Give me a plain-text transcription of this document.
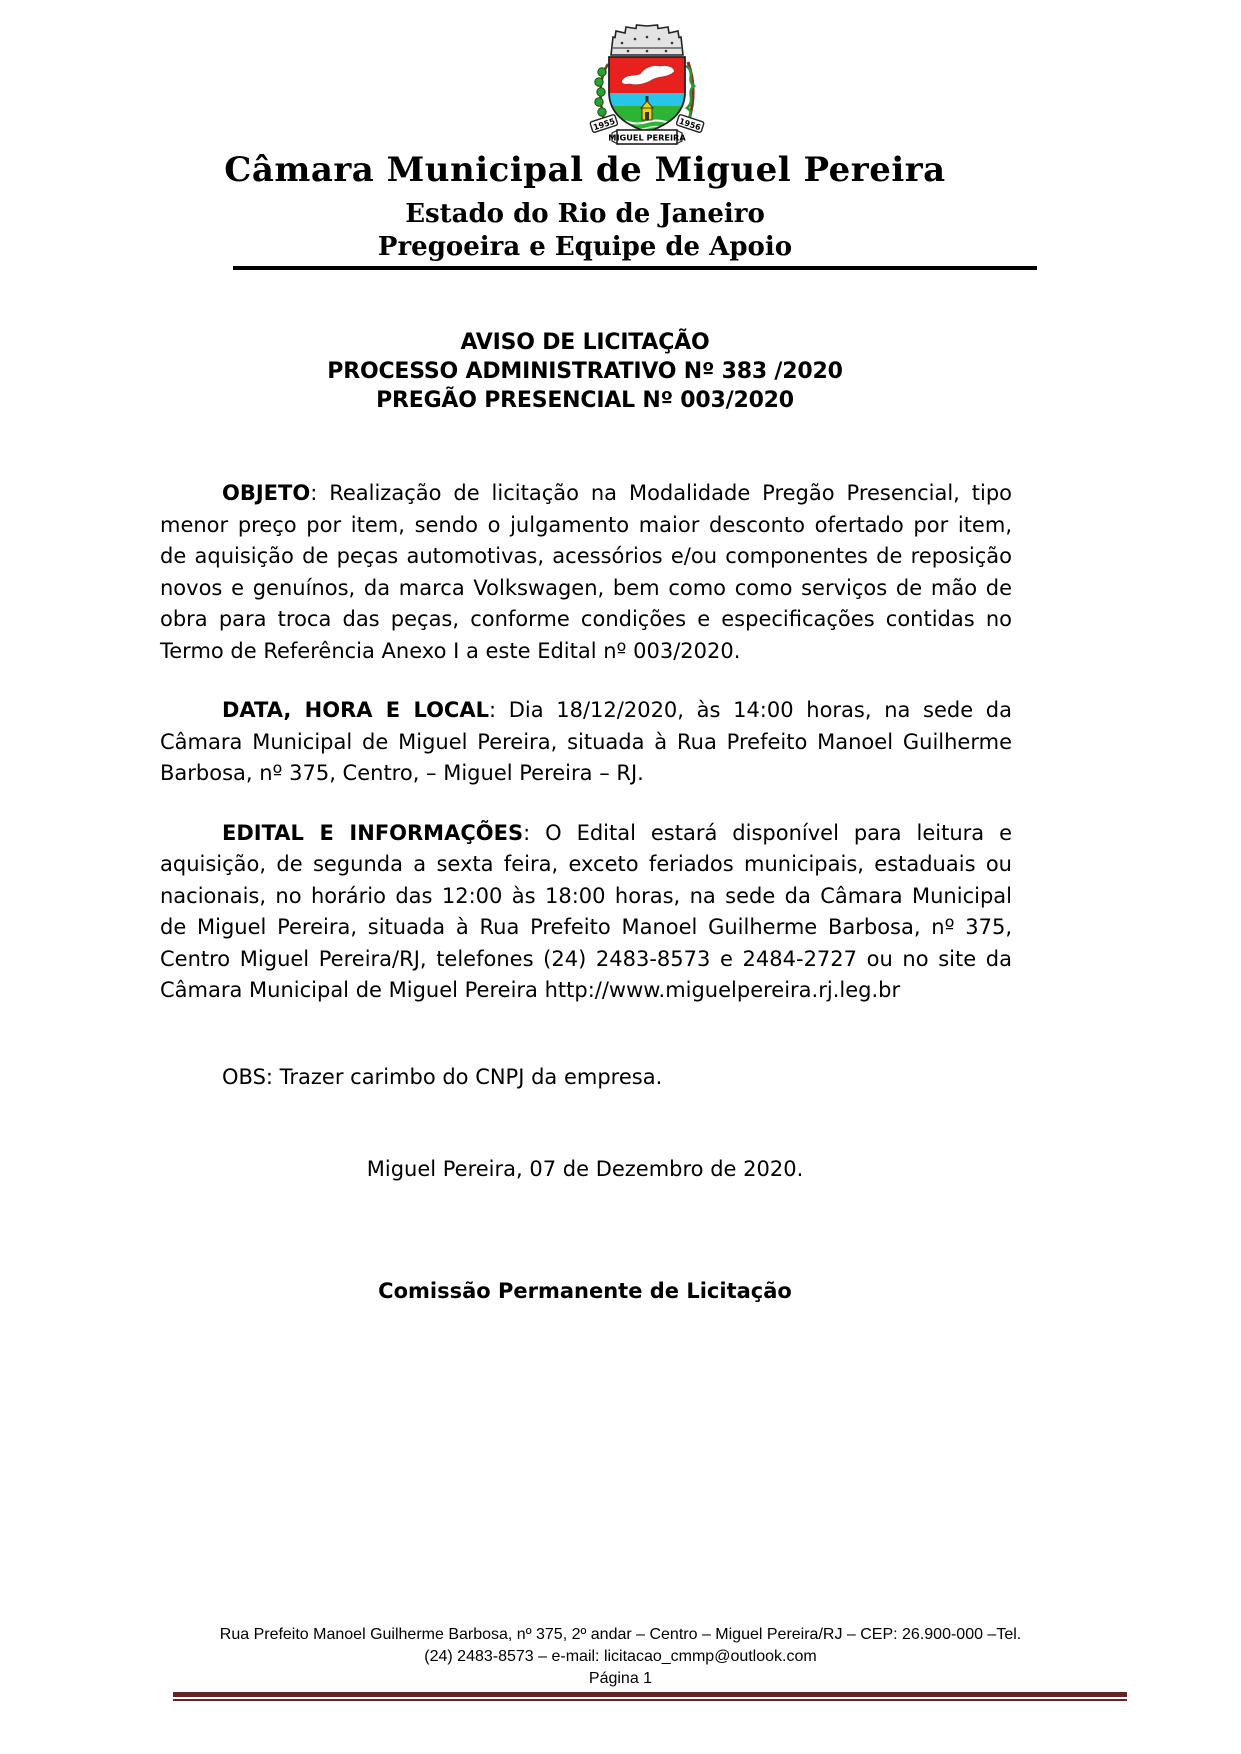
1955	1956
MIGUEL PEREIRA
Câmara Municipal de Miguel Pereira
Estado do Rio de Janeiro
Pregoeira e Equipe de Apoio
AVISO DE LICITAÇÃO
PROCESSO ADMINISTRATIVO Nº 383 /2020
PREGÃO PRESENCIAL Nº 003/2020

OBJETO: Realização de licitação na Modalidade Pregão Presencial, tipo menor preço por item, sendo o julgamento maior desconto ofertado por item, de aquisição de peças automotivas, acessórios e/ou componentes de reposição novos e genuínos, da marca Volkswagen, bem como como serviços de mão de obra para troca das peças, conforme condições e especificações contidas no Termo de Referência Anexo I a este Edital nº 003/2020.

DATA, HORA E LOCAL: Dia 18/12/2020, às 14:00 horas, na sede da Câmara Municipal de Miguel Pereira, situada à Rua Prefeito Manoel Guilherme Barbosa, nº 375, Centro, – Miguel Pereira – RJ.

EDITAL E INFORMAÇÕES: O Edital estará disponível para leitura e aquisição, de segunda a sexta feira, exceto feriados municipais, estaduais ou nacionais, no horário das 12:00 às 18:00 horas, na sede da Câmara Municipal de Miguel Pereira, situada à Rua Prefeito Manoel Guilherme Barbosa, nº 375, Centro Miguel Pereira/RJ, telefones (24) 2483-8573 e 2484-2727 ou no site da Câmara Municipal de Miguel Pereira http://www.miguelpereira.rj.leg.br

OBS: Trazer carimbo do CNPJ da empresa.
Miguel Pereira, 07 de Dezembro de 2020.
Comissão Permanente de Licitação
Rua Prefeito Manoel Guilherme Barbosa, nº 375, 2º andar – Centro – Miguel Pereira/RJ – CEP: 26.900-000 –Tel.
(24) 2483-8573 – e-mail: licitacao_cmmp@outlook.com
Página 1
